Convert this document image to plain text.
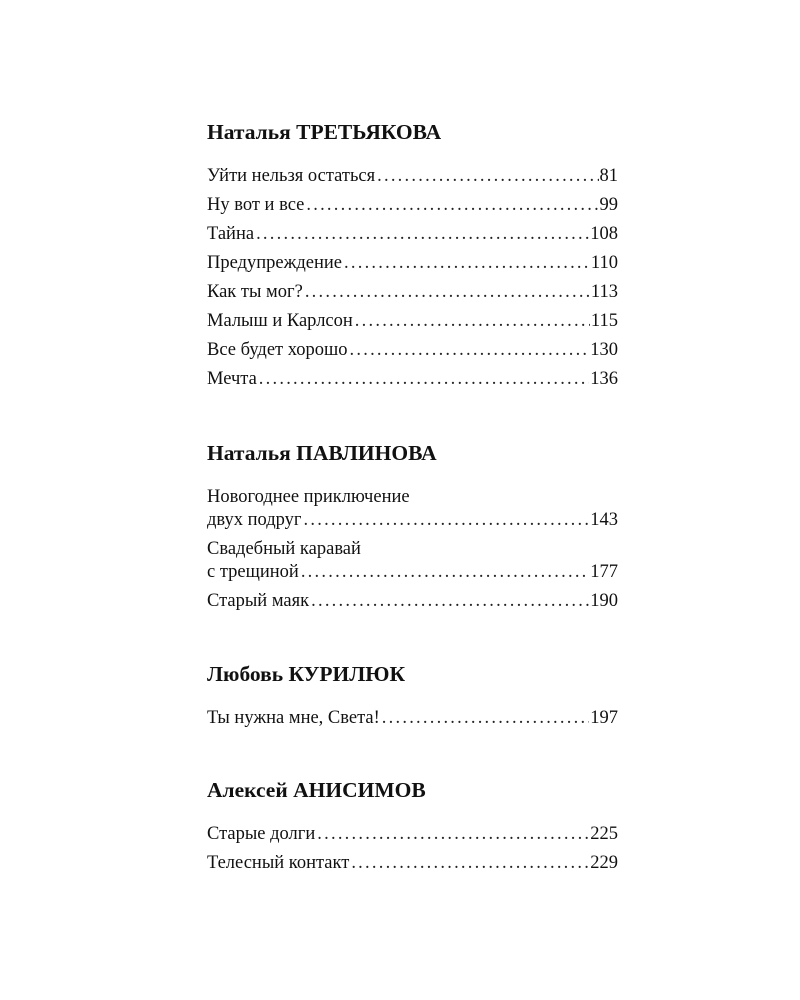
Наталья ТРЕТЬЯКОВА
Уйти нельзя остаться . . .	81
Ну вот и все . . .	99
Тайна . . .	108
Предупреждение . . .	110
Как ты мог? . . .	113
Малыш и Карлсон . . .	115
Все будет хорошо . . .	130
Мечта . . .	136
Наталья ПАВЛИНОВА
Новогоднее приключение
двух подруг . . .	143
Свадебный каравай
с трещиной . . .	177
Старый маяк . . .	190
Любовь КУРИЛЮК
Ты нужна мне, Света! . . .	197
Алексей АНИСИМОВ
Старые долги . . .	225
Телесный контакт . . .	229
